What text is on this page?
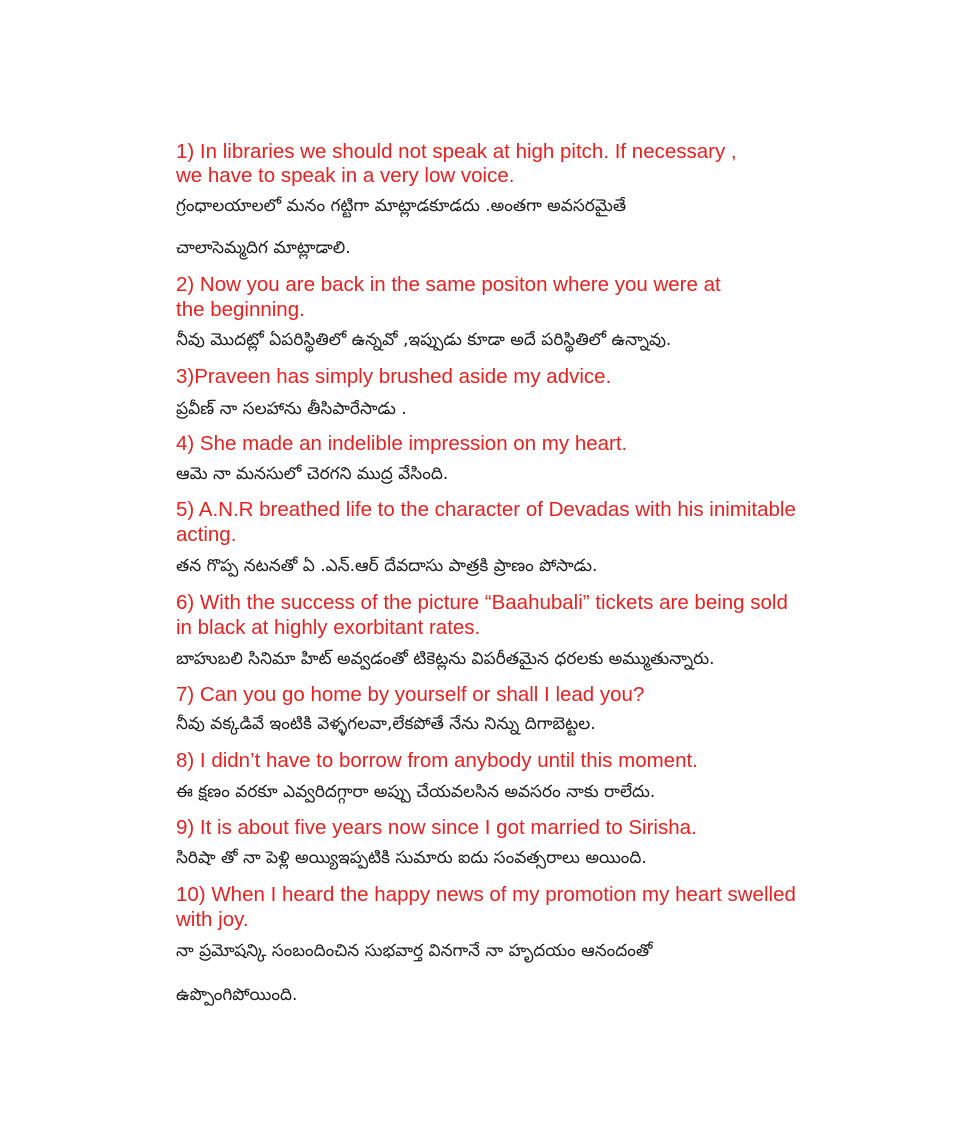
1) In libraries we should not speak at high pitch. If necessary ,
we have to speak in a very low voice.
గ్రంధాలయాలలో మనం గట్టిగా మాట్లాడకూడదు .అంతగా అవసరమైతే
చాలాసెమ్మదిగ మాట్లాడాలి.
2) Now you are back in the same positon where you were at
the beginning.
నీవు మొదట్లో ఏపరిస్థితిలో ఉన్నవో ,ఇప్పుడు కూడా అదే పరిస్థితిలో ఉన్నావు.
3)Praveen has simply brushed aside my advice.
ప్రవీణ్ నా సలహాను తీసిపారేసాడు .
4) She made an indelible impression on my heart.
ఆమె నా మనసులో చెరగని ముద్ర వేసింది.
5) A.N.R breathed life to the character of Devadas with his inimitable
acting.
తన గొప్ప నటనతో ఏ .ఎన్.ఆర్ దేవదాసు పాత్రకి ప్రాణం పోసాడు.
6) With the success of the picture “Baahubali” tickets are being sold
in black at highly exorbitant rates.
బాహుబలి సినిమా హిట్ అవ్వడంతో టికెట్లను విపరీతమైన ధరలకు అమ్ముతున్నారు.
7) Can you go home by yourself or shall I lead you?
నీవు వక్కడివే ఇంటికి వెళ్ళగలవా,లేకపోతే నేను నిన్ను దిగాబెట్టల.
8) I didn’t have to borrow from anybody until this moment.
ఈ క్షణం వరకూ ఎవ్వరిదగ్గారా అప్పు చేయవలసిన అవసరం నాకు రాలేదు.
9) It is about five years now since I got married to Sirisha.
సిరిషా తో నా పెళ్లి అయ్యిఇప్పటికి సుమారు ఐదు సంవత్సరాలు అయింది.
10) When I heard the happy news of my promotion my heart swelled
with joy.
నా ప్రమోషన్కి సంబందించిన సుభవార్త వినగానే నా హృదయం ఆనందంతో
ఉప్పొంగిపోయింది.
